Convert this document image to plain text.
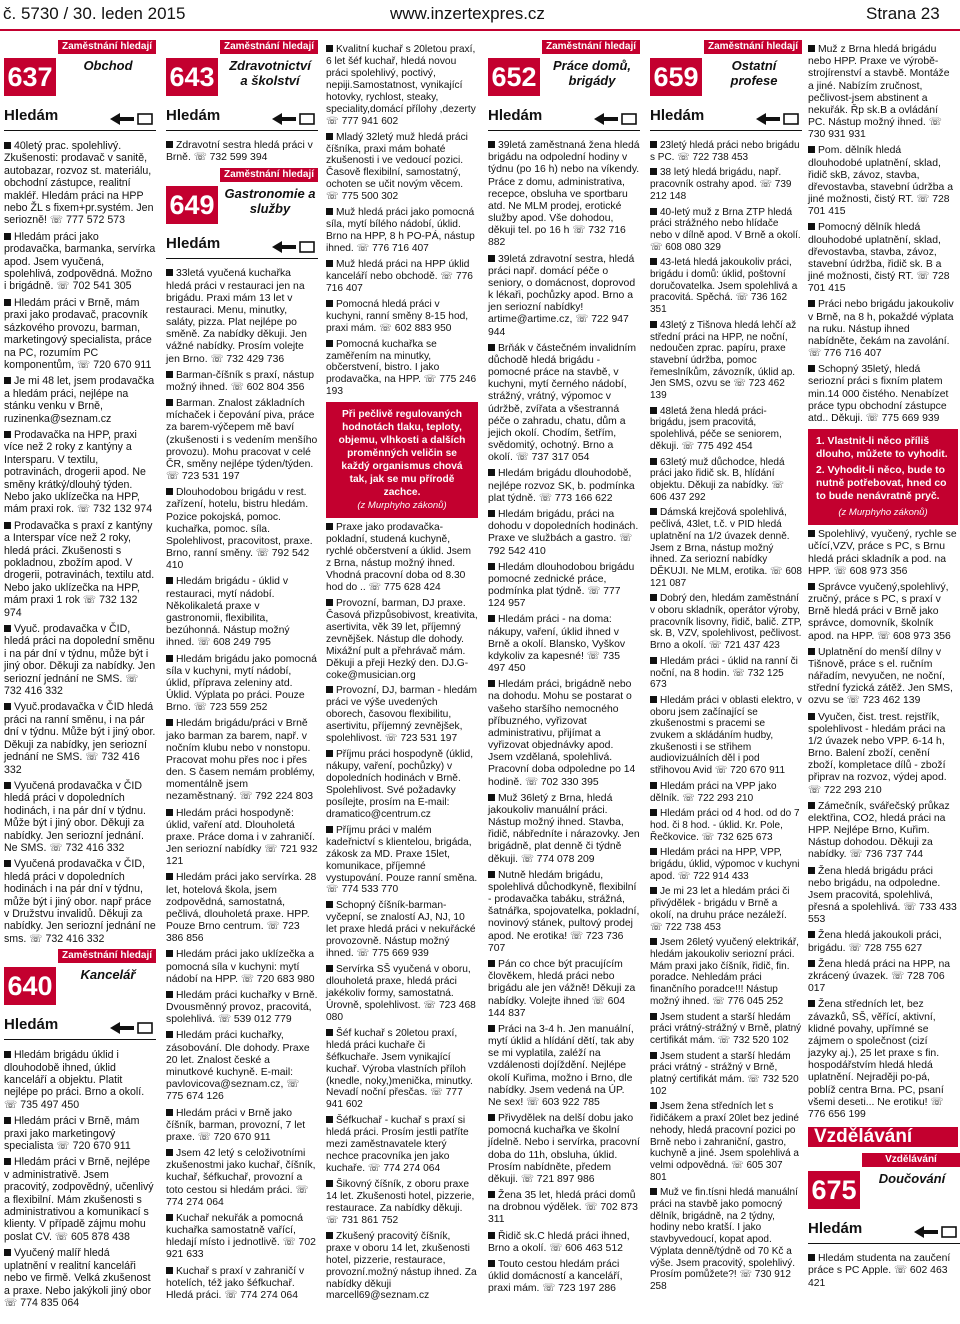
č. 5730 / 30. leden 2015	www.inzertexpres.cz	Strana 23
Zaměstnání hledají
637	Obchod
Hledám

40letý prac. spolehlivý. Zkušenosti: prodavač v sanitě, autobazar, rozvoz st. materiálu, obchodní zástupce, realitní makléř. Hledám práci na HPP nebo ŽL s fixem+pr.systém. Jen seriozně! ☏ 777 572 573

Hledám práci jako prodavačka, barmanka, servírka apod. Jsem vyučená, spolehlivá, zodpovědná. Možno i brigádně. ☏ 702 541 305

Hledám práci v Brně, mám praxi jako prodavač, pracovník sázkového provozu, barman, marketingový specialista, práce na PC, rozumím PC komponentům, ☏ 720 670 911

Je mi 48 let, jsem prodavačka a hledám práci, nejlépe na stánku venku v Brně, ruzinenka@seznam.cz

Prodavačka na HPP, praxi více než 2 roky z kantýny a Intersparu. V textilu, potravinách, drogerii apod. Ne směny krátký/dlouhý týden. Nebo jako uklízečka na HPP, mám praxi rok. ☏ 732 132 974

Prodavačka s praxí z kantýny a Interspar více než 2 roky, hledá práci. Zkušenosti s pokladnou, zbožím apod. V drogerii, potravinách, textilu atd. Nebo jako uklízečka na HPP, mám praxi 1 rok ☏ 732 132 974

Vyuč. prodavačka v ČID, hledá práci na dopolední směnu i na pár dní v týdnu, může být i jiný obor. Děkuji za nabídky. Jen seriozní jednání ne SMS. ☏ 732 416 332

Vyuč.prodavačka v ČID hledá práci na ranní směnu, i na pár dní v týdnu. Může být i jiný obor. Děkuji za nabídky, jen seriozní jednání ne SMS. ☏ 732 416 332

Vyučená prodavačka v ČID hledá práci v dopoledních hodinách, i na pár dní v týdnu. Může být i jiný obor. Děkuji za nabídky. Jen seriozní jednání. Ne SMS. ☏ 732 416 332

Vyučená prodavačka v ČID, hledá práci v dopoledních hodinách i na pár dní v týdnu, může být i jiný obor. např práce v Družstvu invalidů. Děkuji za nabídky. Jen seriozní jednání ne sms. ☏ 732 416 332

Zaměstnání hledají
640	Kancelář
Hledám

Hledám brigádu úklid i dlouhodobě ihned, úklid kanceláří a objektu. Platit nejlépe po práci. Brno a okolí. ☏ 735 497 450

Hledám práci v Brně, mám praxi jako marketingový specialista ☏ 720 670 911

Hledám práci v Brně, nejlépe v administrativě. Jsem pracovitý, zodpovědný, učenlivý a flexibilní. Mám zkušenosti s administrativou a komunikací s klienty. V případě zájmu mohu poslat CV. ☏ 605 878 438

Vyučený malíř hledá uplatnění v realitní kanceláři nebo ve firmě. Velká zkušenost a praxe. Nebo jakýkoli jiný obor ☏ 774 835 064

Zaměstnání hledají
643	Zdravotnictví a školství
Hledám

Zdravotní sestra hledá práci v Brně. ☏ 732 599 394

Zaměstnání hledají
649 Gastronomie a služby
Hledám

33letá vyučená kuchařka hledá práci v restauraci jen na brigádu. Praxi mám 13 let v restauraci. Menu, minutky, saláty, pizza. Plat nejlépe po směně. Za nabídky děkuji. Jen vážné nabídky. Prosím volejte jen Brno. ☏ 732 429 736

Barman-číšník s praxí, nástup možný ihned. ☏ 602 804 356

Barman. Znalost základních míchaček i čepování piva, práce za barem-výčepem mě baví (zkušenosti i s vedením menšího provozu). Mohu pracovat v celé ČR, směny nejlépe týden/týden. ☏ 723 531 197

Dlouhodobou brigádu v rest. zařízení, hotelu, bistru hledám. Pozice pokojská, pomoc. kuchařka, pomoc. síla. Spolehlivost, pracovitost, praxe. Brno, ranní směny. ☏ 792 542 410

Hledám brigádu - úklid v restauraci, mytí nádobí. Několikaletá praxe v gastronomii, flexibilita, bezúhonná. Nástup možný ihned. ☏ 608 249 795

Hledám brigádu jako pomocná síla v kuchyni, mytí nádobí, úklid, příprava zeleniny atd. Úklid. Výplata po práci. Pouze Brno. ☏ 723 559 252

Hledám brigádu/práci v Brně jako barman za barem, např. v nočním klubu nebo v nonstopu. Pracovat mohu přes noc i přes den. S časem nemám problémy, momentálně jsem nezaměstnaný. ☏ 792 224 803

Hledám práci hospodyně: úklid, vaření atd. Dlouholetá praxe. Práce doma i v zahraničí. Jen seriozní nabídky ☏ 721 932 121

Hledám práci jako servírka. 28 let, hotelová škola, jsem zodpovědná, samostatná, pečlivá, dlouholetá praxe. HPP. Pouze Brno centrum. ☏ 723 386 856

Hledám práci jako uklízečka a pomocná síla v kuchyni: mytí nádobí na HPP. ☏ 720 683 980

Hledám práci kuchařky v Brně. Dvousměnný provoz, pracovitá, spolehlivá. ☏ 539 012 779

Hledám práci kuchařky, zásobování. Dle dohody. Praxe 20 let. Znalost české a minutkové kuchyně. E-mail: pavlovicova@seznam.cz, ☏ 775 674 126

Hledám práci v Brně jako číšník, barman, provozní, 7 let praxe. ☏ 720 670 911

Jsem 42 letý s celoživotními zkušenostmi jako kuchař, číšník, kuchař, šéfkuchař, provozní a toto cestou si hledám práci. ☏ 774 274 064

Kuchař nekuřák a pomocná kuchařka samostatně vařící, hledají místo i jednotlivě. ☏ 702 921 633

Kuchař s praxí v zahraničí v hotelích, též jako šéfkuchař. Hledá práci. ☏ 774 274 064

Kvalitní kuchař s 20letou praxí, 6 let šéf kuchař, hledá novou práci spolehlivý, poctivý, nepiji.Samostatnost, vynikající hotovky, rychlost, steaky, speciality,domácí přílohy ,dezerty ☏ 777 941 602

Mladý 32letý muž hledá práci číšníka, praxi mám bohaté zkušenosti i ve vedoucí pozici. Časově flexibilní, samostatný, ochoten se učit novým věcem. ☏ 775 500 302

Muž hledá práci jako pomocná síla, mytí bílého nádobí, úklid. Brno na HPP, 8 h PO-PÁ, nástup ihned. ☏ 776 716 407

Muž hledá práci na HPP úklid kanceláří nebo obchodě. ☏ 776 716 407

Pomocná hledá práci v kuchyni, ranní směny 8-15 hod, praxi mám. ☏ 602 883 950

Pomocná kuchařka se zaměřením na minutky, občerstvení, bistro. I jako prodavačka, na HPP. ☏ 775 246 193

Při pečlivě regulovaných hodnotách tlaku, teploty, objemu, vlhkosti a dalších proměnných veličin se každý organismus chová tak, jak se mu přírodě zachce.
(z Murphyho zákonů)

Praxe jako prodavačka-pokladní, studená kuchyně, rychlé občerstvení a úklid. Jsem z Brna, nástup možný ihned. Vhodná pracovní doba od 8.30 hod do .. ☏ 775 628 424

Provozní, barman, DJ praxe. Časová přizpůsobivost, kreativita, asertivita, věk 39 let, příjemný zevnějšek. Nástup dle dohody. Mixážní pult a přehrávač mám. Děkuji a přeji Hezký den. DJ.G-coke@musician.org

Provozní, DJ, barman - hledám práci ve výše uvedených oborech, časovou flexibilitu, asertivitu, příjemný zevnějšek, spolehlivost. ☏ 723 531 197

Příjmu práci hospodyně (úklid, nákupy, vaření, pochůzky) v dopoledních hodinách v Brně. Spolehlivost. Své požadavky posílejte, prosím na E-mail: dramatico@centrum.cz

Příjmu práci v malém kadeřnictví s klientelou, brigáda, zákosk za MD. Praxe 15let, komunikace, příjemné vystupování. Pouze ranní směna. ☏ 774 533 770

Schopný číšník-barman-vyčepní, se znalostí AJ, NJ, 10 let praxe hledá práci v nekuřácké provozovně. Nástup možný ihned. ☏ 775 669 939

Servírka SŠ vyučená v oboru, dlouholetá praxe, hledá práci jakékoliv formy, samostatná. Úrovně, spolehlivost. ☏ 723 468 080

Šéf kuchař s 20letou praxí, hledá práci kuchaře či šéfkuchaře. Jsem vynikající kuchař. Výroba vlastních příloh (knedle, noky,)menička, minutky. Nevadí noční přesčas. ☏ 777 941 602

Šéfkuchař - kuchař s praxí si hledá práci. Prosím jestli patříte mezi zaměstnavatele který nechce pracovníka jen jako kuchaře. ☏ 774 274 064

Šikovný číšník, z oboru praxe 14 let. Zkušenosti hotel, pizzerie, restaurace. Za nabídky děkuji. ☏ 731 861 752

Zkušený pracovitý číšník, praxe v oboru 14 let, zkušenosti hotel, pizzerie, restaurace, provozní.možný nástup ihned. Za nabídky děkuji marcell69@seznam.cz

Zaměstnání hledají
652	Práce domů, brigády
Hledám

39letá zaměstnaná žena hledá brigádu na odpolední hodiny v týdnu (po 16 h) nebo na víkendy. Práce z domu, administrativa, recepce, obsluha ve sportbaru atd. Ne MLM prodej, erotické služby apod. Vše dohodou, děkuji tel. po 16 h ☏ 732 716 882

39letá zdravotní sestra, hledá práci např. domácí péče o seniory, o domácnost, doprovod k lékaři, pochůzky apod. Brno a jen seriozní nabídky! artime@artime.cz, ☏ 722 947 944

Brňák v částečném invalidním důchodě hledá brigádu - pomocné práce na stavbě, v kuchyni, mytí černého nádobí, strážný, vrátný, výpomoc v údržbě, zvířata a všestranná péče o zahradu, chatu, dům a jejich okolí. Chodím, šetřím, svědomitý, ochotný. Brno a okolí. ☏ 737 317 054

Hledám brigádu dlouhodobě, nejlépe rozvoz SK, b. podmínka plat týdně. ☏ 773 166 622

Hledám brigádu, práci na dohodu v dopoledních hodinách. Praxe ve službách a gastro. ☏ 792 542 410

Hledám dlouhodobou brigádu pomocné zednické práce, podmínka plat týdně. ☏ 777 124 957

Hledám práci - na doma: nákupy, vaření, úklid ihned v Brně a okolí. Blansko, Vyškov kdykoliv za kapesné! ☏ 735 497 450

Hledám práci, brigádně nebo na dohodu. Mohu se postarat o vašeho staršího nemocného příbuzného, vyřizovat administrativu, přijímat a vyřizovat objednávky apod. Jsem vzdělaná, spolehlivá. Pracovní doba odpoledne po 14 hodině. ☏ 702 330 395

Muž 36letý z Brna, hledá jakoukoliv manuální práci. Nástup možný ihned. Stavba, řidič, nábředníte i nárazovky. Jen brigádně, plat denně či týdně děkuji. ☏ 774 078 209

Nutně hledám brigádu, spolehlivá důchodkyně, flexibilní - prodavačka tabáku, strážná, šatnářka, spojovatelka, pokladní, novinový stánek, pultový prodej apod. Ne erotika! ☏ 723 736 707

Pán co chce být pracujícím člověkem, hledá práci nebo brigádu ale jen vážně! Děkuji za nabídky. Volejte ihned ☏ 604 144 837

Práci na 3-4 h. Jen manuální, mytí úklid a hlídání dětí, tak aby se mi vyplatila, zaléží na vzdálenosti dojíždění. Nejlépe okolí Kuřima, možno i Brno, dle nabídky. Jsem vedená na ÚP. Ne sex! ☏ 603 922 785

Přivydělek na delší dobu jako pomocná kuchařka ve školní jídelně. Nebo i servírka, pracovní doba do 11h, obsluha, úklid. Prosím nabídněte, předem děkuji. ☏ 721 897 986

Žena 35 let, hledá práci domů na drobnou výdělek. ☏ 702 873 311

Řidič sk.C hledá práci ihned, Brno a okolí. ☏ 606 463 512

Touto cestou hledám práci úklid domácností a kanceláří, praxi mám. ☏ 723 197 286

Zaměstnání hledají
659	Ostatní profese
Hledám

23letý hledá práci nebo brigádu s PC. ☏ 722 738 453

38 letý hledá brigádu, např. pracovník ostrahy apod. ☏ 739 212 148

40-letý muž z Brna ZTP hledá práci strážného nebo hlídače nebo v dílně apod. V Brně a okolí. ☏ 608 080 329

43-letá hledá jakoukoliv práci, brigádu i domů: úklid, poštovní doručovatelka. Jsem spolehlivá a pracovitá. Spěchá. ☏ 736 162 351

43letý z Tišnova hledá lehčí až střední práci na HPP, ne noční, nedoučen zprac. papíru, praxe stavební údržba, pomoc řemeslníkům, závozník, úklid ap. Jen SMS, ozvu se ☏ 723 462 139

48letá žena hledá práci-brigádu, jsem pracovitá, spolehlivá, péče se seniorem, děkuji. ☏ 775 492 454

63letý muž důchodce, hledá práci jako řidič sk. B, hlídání objektu. Děkuji za nabídky. ☏ 606 437 292

Dámská krejčová spolehlivá, pečlivá, 43let, t.č. v PID hledá uplatnění na 1/2 úvazek denně. Jsem z Brna, nástup možný ihned. Za seriozní nabídky DĚKUJI. Ne MLM, erotika. ☏ 608 121 087

Dobrý den, hledám zaměstnání v oboru skladník, operátor výroby, pracovník lisovny, řidič, balič. ZTP, sk. B, VZV, spolehlivost, pečlivost. Brno a okolí. ☏ 721 437 423

Hledám práci - úklid na ranní či noční, na 8 hodin. ☏ 732 125 673

Hledám práci v oblasti elektro, v oboru jsem začínající se zkušenostmi s pracemi se zvukem a skládáním hudby, zkušenosti i se střihem audiovizuálních děl i pod střihovou Avid ☏ 720 670 911

Hledám práci na VPP jako dělník. ☏ 722 293 210

Hledám práci od 4 hod. od do 7 hod. či 8 hod. - úklid. Kr. Pole, Řečkovice. ☏ 732 625 673

Hledám práci na HPP, VPP, brigádu, úklid, výpomoc v kuchyni apod. ☏ 722 914 433

Je mi 23 let a hledám práci či přivýdělek - brigádu v Brně a okolí, na druhu práce nezáleží. ☏ 722 738 453

Jsem 26letý vyučený elektrikář, hledám jakoukoliv seriozní práci. Mám praxi jako číšník, řidič, fin. poradce. Nehledám práci finančního poradce!!! Nástup možný ihned. ☏ 776 045 252

Jsem student a starší hledám práci vrátný-strážný v Brně, platný certifikát mám. ☏ 732 520 102

Jsem student a starší hledám práci vrátný - strážný v Brně, platný certifikát mám. ☏ 732 520 102

Jsem žena středních let s řidičákem a praxí 20let bez jediné nehody, hledá pracovní pozici po Brně nebo i zahraniční, gastro, kuchyně a jiné. Jsem spolehlivá a velmi odpovědná. ☏ 605 307 801

Muž ve fin.tísni hledá manuální práci na stavbě jako pomocný dělník, brigádně, na 2 týdny, hodiny nebo kratší. I jako stavbyvedoucí, kopat apod. Výplata denně/týdně od 70 Kč a výše. Jsem pracovitý, spolehlivý. Prosím pomůžete?! ☏ 730 912 258

Muž z Brna hledá brigádu nebo HPP. Praxe ve výrobě-strojírenství a stavbě. Montáže a jiné. Nabízím zručnost, pečlivost-jsem abstinent a nekuřák. Řp sk.B a ovládání PC. Nástup možný ihned. ☏ 730 931 931

Pom. dělník hledá dlouhodobé uplatnění, sklad, řidič skB, závoz, stavba, dřevostavba, stavební údržba a jiné možnosti, čistý RT. ☏ 728 701 415

Pomocný dělník hledá dlouhodobé uplatnění, sklad, dřevostavba, stavba, závoz, stavební údržba, řidič sk. B a jiné možnosti, čistý RT. ☏ 728 701 415

Práci nebo brigádu jakoukoliv v Brně, na 8 h, pokaždé výplata na ruku. Nástup ihned nabídněte, čekám na zavolání. ☏ 776 716 407

Schopný 35letý, hledá seriozní práci s fixním platem min.14 000 čistého. Nenabízet práce typu obchodní zástupce atd.. Děkuji. ☏ 775 669 939

1. Vlastnit-li něco příliš dlouho, můžete to vyhodit.
2. Vyhodit-li něco, bude to nutně potřebovat, hned co to bude nenávratně pryč.
(z Murphyho zákonů)

Spolehlivý, vyučený, rychle se učící,VZV, práce s PC, s Brnu hledá práci skladník a pod. na HPP. ☏ 608 973 356

Správce vyučený,spolehlivý, zručný, práce s PC, s praxí v Brně hledá práci v Brně jako správce, domovník, školník apod. na HPP. ☏ 608 973 356

Uplatnění do menší dílny v Tišnově, práce s el. ručním nářadím, nevyučen, ne noční, střední fyzická zátěž. Jen SMS, ozvu se ☏ 723 462 139

Vyučen, čist. trest. rejstřík, spolehlivost - hledám práci na 1/2 úvazek nebo VPP. 6-14 h, Brno. Balení zboží, cenění zboží, kompletace dílů - zboží připrav na rozvoz, výdej apod. ☏ 722 293 210

Zámečník, svářečský průkaz elektřina, CO2, hledá práci na HPP. Nejlépe Brno, Kuřim. Nástup dohodou. Děkuji za nabídky. ☏ 736 737 744

Žena hledá brigádu práci nebo brigádu, na odpoledne. Jsem pracovitá, spolehlivá, přesná a spolehlivá. ☏ 733 433 553

Žena hledá jakoukoli práci, brigádu. ☏ 728 755 627

Žena hledá práci na HPP, na zkrácený úvazek. ☏ 728 706 017

Žena středních let, bez závazků, SŠ, věřící, aktivní, klidné povahy, upřímné se zájmem o společnost (cizí jazyky aj.), 25 let praxe s fin. hospodářstvím hledá hledá uplatnění. Nejraději po-pá, poblíž centra Brna. PC, psaní všemi deseti... Ne erotiku! ☏ 776 656 199

Vzdělávání
Vzdělávání
675	Doučování
Hledám

Hledám studenta na zaučení práce s PC Apple. ☏ 602 463 421
